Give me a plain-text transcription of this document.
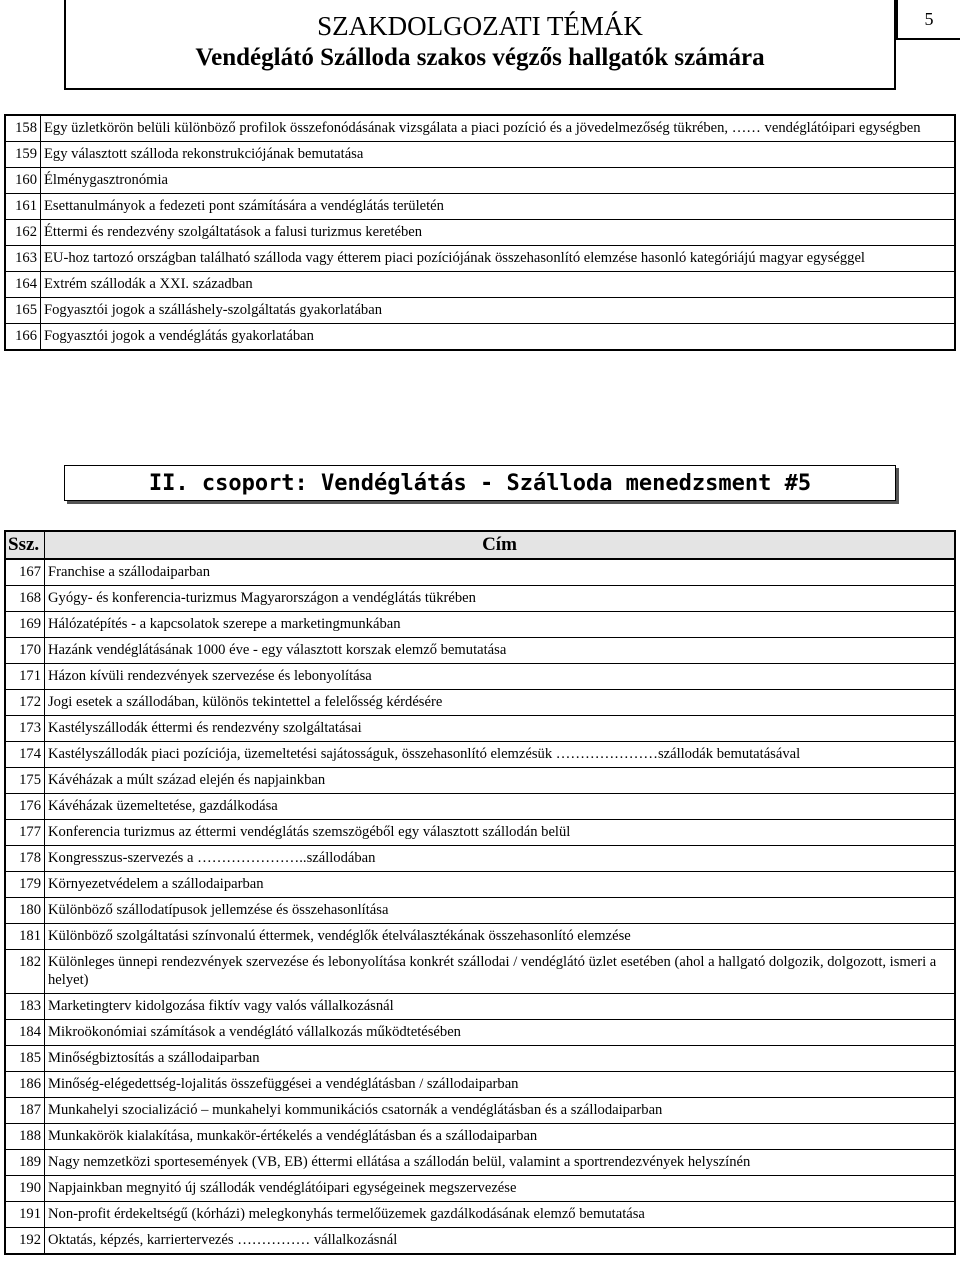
SZAKDOLGOZATI TÉMÁK
Vendéglátó Szálloda szakos végzős hallgatók számára
5
158	Egy üzletkörön belüli különböző profilok összefonódásának vizsgálata a piaci pozíció és a jövedelmezőség tükrében, …… vendéglátóipari egységben
159	Egy választott szálloda rekonstrukciójának bemutatása
160	Élménygasztronómia
161	Esettanulmányok a fedezeti pont számítására a vendéglátás területén
162	Éttermi és rendezvény szolgáltatások a falusi turizmus keretében
163	EU-hoz tartozó országban található szálloda vagy étterem piaci pozíciójának összehasonlító elemzése hasonló kategóriájú magyar egységgel
164	Extrém szállodák a XXI. században
165	Fogyasztói jogok a szálláshely-szolgáltatás gyakorlatában
166	Fogyasztói jogok a vendéglátás gyakorlatában
II. csoport: Vendéglátás - Szálloda menedzsment #5
Ssz.	Cím
167	Franchise a szállodaiparban
168	Gyógy- és konferencia-turizmus Magyarországon a vendéglátás tükrében
169	Hálózatépítés - a kapcsolatok szerepe a marketingmunkában
170	Hazánk vendéglátásának 1000 éve - egy választott korszak elemző bemutatása
171	Házon kívüli rendezvények szervezése és lebonyolítása
172	Jogi esetek a szállodában, különös tekintettel a felelősség kérdésére
173	Kastélyszállodák éttermi és rendezvény szolgáltatásai
174	Kastélyszállodák piaci pozíciója, üzemeltetési sajátosságuk, összehasonlító elemzésük …………………szállodák bemutatásával
175	Kávéházak a múlt század elején és napjainkban
176	Kávéházak üzemeltetése, gazdálkodása
177	Konferencia turizmus az éttermi vendéglátás szemszögéből egy választott szállodán belül
178	Kongresszus-szervezés a …………………..szállodában
179	Környezetvédelem a szállodaiparban
180	Különböző szállodatípusok jellemzése és összehasonlítása
181	Különböző szolgáltatási színvonalú éttermek, vendéglők ételválasztékának összehasonlító elemzése
182	Különleges ünnepi rendezvények szervezése és lebonyolítása konkrét szállodai / vendéglátó üzlet esetében (ahol a hallgató dolgozik, dolgozott, ismeri a helyet)
183	Marketingterv kidolgozása fiktív vagy valós vállalkozásnál
184	Mikroökonómiai számítások a vendéglátó vállalkozás működtetésében
185	Minőségbiztosítás a szállodaiparban
186	Minőség-elégedettség-lojalitás összefüggései a vendéglátásban / szállodaiparban
187	Munkahelyi szocializáció – munkahelyi kommunikációs csatornák a vendéglátásban és a szállodaiparban
188	Munkakörök kialakítása, munkakör-értékelés a vendéglátásban és a szállodaiparban
189	Nagy nemzetközi sportesemények (VB, EB) éttermi ellátása a szállodán belül, valamint a sportrendezvények helyszínén
190	Napjainkban megnyitó új szállodák vendéglátóipari egységeinek megszervezése
191	Non-profit érdekeltségű (kórházi) melegkonyhás termelőüzemek gazdálkodásának elemző bemutatása
192	Oktatás, képzés, karriertervezés …………… vállalkozásnál
